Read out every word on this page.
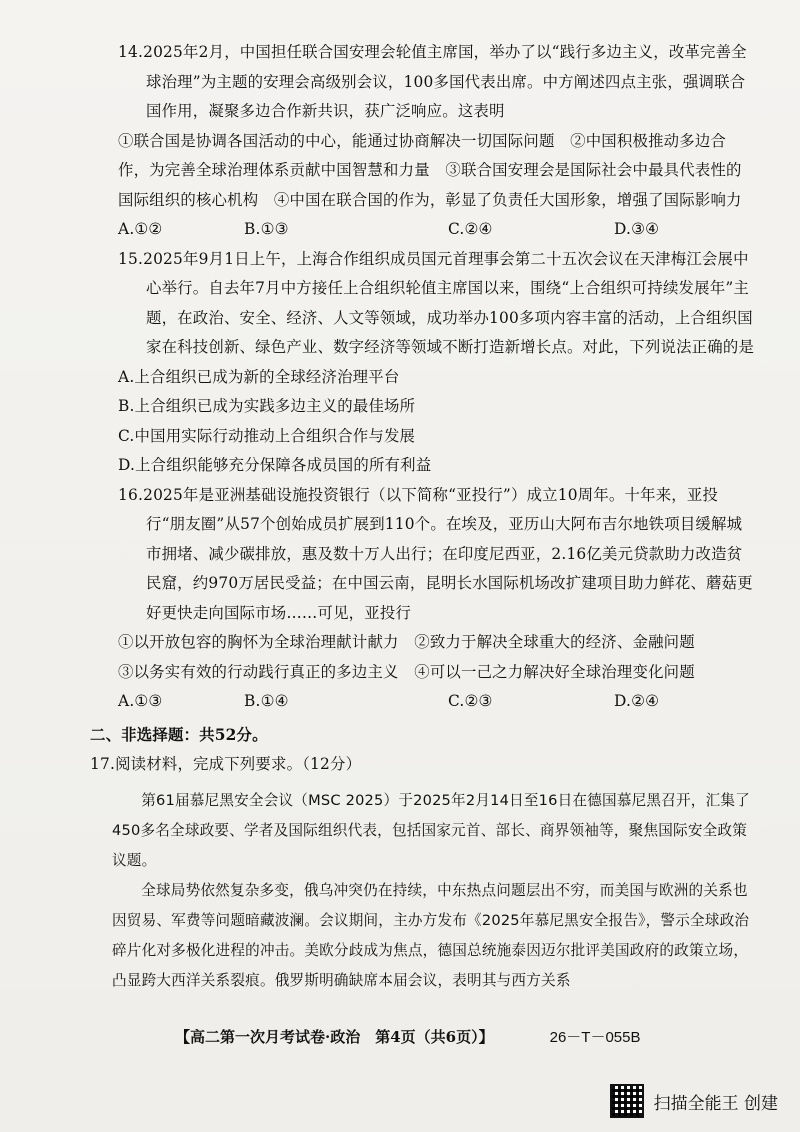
14.2025年2月，中国担任联合国安理会轮值主席国，举办了以“践行多边主义，改革完善全球治理”为主题的安理会高级别会议，100多国代表出席。中方阐述四点主张，强调联合国作用，凝聚多边合作新共识，获广泛响应。这表明

①联合国是协调各国活动的中心，能通过协商解决一切国际问题　②中国积极推动多边合作，为完善全球治理体系贡献中国智慧和力量　③联合国安理会是国际社会中最具代表性的国际组织的核心机构　④中国在联合国的作为，彰显了负责任大国形象，增强了国际影响力

A.①②	B.①③	C.②④	D.③④

15.2025年9月1日上午，上海合作组织成员国元首理事会第二十五次会议在天津梅江会展中心举行。自去年7月中方接任上合组织轮值主席国以来，围绕“上合组织可持续发展年”主题，在政治、安全、经济、人文等领域，成功举办100多项内容丰富的活动，上合组织国家在科技创新、绿色产业、数字经济等领域不断打造新增长点。对此，下列说法正确的是

A.上合组织已成为新的全球经济治理平台

B.上合组织已成为实践多边主义的最佳场所

C.中国用实际行动推动上合组织合作与发展

D.上合组织能够充分保障各成员国的所有利益

16.2025年是亚洲基础设施投资银行（以下简称“亚投行”）成立10周年。十年来，亚投行“朋友圈”从57个创始成员扩展到110个。在埃及，亚历山大阿布吉尔地铁项目缓解城市拥堵、减少碳排放，惠及数十万人出行；在印度尼西亚，2.16亿美元贷款助力改造贫民窟，约970万居民受益；在中国云南，昆明长水国际机场改扩建项目助力鲜花、蘑菇更好更快走向国际市场……可见，亚投行

①以开放包容的胸怀为全球治理献计献力　②致力于解决全球重大的经济、金融问题

③以务实有效的行动践行真正的多边主义　④可以一己之力解决好全球治理变化问题

A.①③	B.①④	C.②③	D.②④

二、非选择题：共52分。

17.阅读材料，完成下列要求。（12分）

第61届慕尼黑安全会议（MSC 2025）于2025年2月14日至16日在德国慕尼黑召开，汇集了450多名全球政要、学者及国际组织代表，包括国家元首、部长、商界领袖等，聚焦国际安全政策议题。

全球局势依然复杂多变，俄乌冲突仍在持续，中东热点问题层出不穷，而美国与欧洲的关系也因贸易、军费等问题暗藏波澜。会议期间，主办方发布《2025年慕尼黑安全报告》，警示全球政治碎片化对多极化进程的冲击。美欧分歧成为焦点，德国总统施泰因迈尔批评美国政府的政策立场，凸显跨大西洋关系裂痕。俄罗斯明确缺席本届会议，表明其与西方关系

【高二第一次月考试卷·政治　第4页（共6页）】	26－T－055B
扫描全能王 创建
